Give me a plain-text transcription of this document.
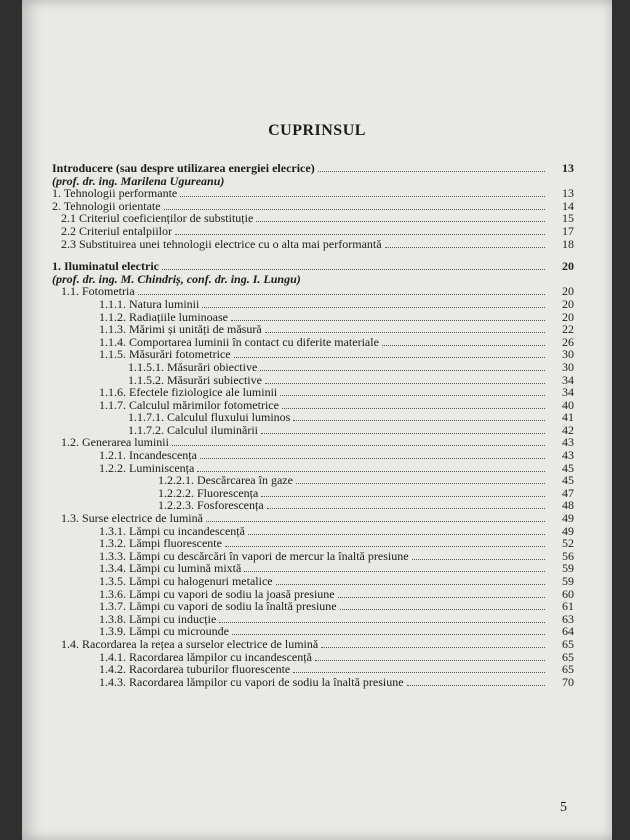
CUPRINSUL
Introducere (sau despre utilizarea energiei elecrice)	13
(prof. dr. ing. Marilena Ugureanu)
1. Tehnologii performante	13
2. Tehnologii orientate	14
2.1 Criteriul coeficienților de substituție	15
2.2 Criteriul entalpiilor	17
2.3 Substituirea unei tehnologii electrice cu o alta mai performantă	18
1. Iluminatul electric	20
(prof. dr. ing. M. Chindriș, conf. dr. ing. I. Lungu)
1.1. Fotometria	20
1.1.1. Natura luminii	20
1.1.2. Radiațiile luminoase	20
1.1.3. Mărimi și unități de măsură	22
1.1.4. Comportarea luminii în contact cu diferite materiale	26
1.1.5. Măsurări fotometrice	30
1.1.5.1. Măsurări obiective	30
1.1.5.2. Măsurări subiective	34
1.1.6. Efectele fiziologice ale luminii	34
1.1.7. Calculul mărimilor fotometrice	40
1.1.7.1. Calculul fluxului luminos	41
1.1.7.2. Calculul iluminării	42
1.2. Generarea luminii	43
1.2.1. Incandescența	43
1.2.2. Luminiscența	45
1.2.2.1. Descărcarea în gaze	45
1.2.2.2. Fluorescența	47
1.2.2.3. Fosforescența	48
1.3. Surse electrice de lumină	49
1.3.1. Lămpi cu incandescență	49
1.3.2. Lămpi fluorescente	52
1.3.3. Lămpi cu descărcări în vapori de mercur la înaltă presiune	56
1.3.4. Lămpi cu lumină mixtă	59
1.3.5. Lămpi cu halogenuri metalice	59
1.3.6. Lămpi cu vapori de sodiu la joasă presiune	60
1.3.7. Lămpi cu vapori de sodiu la înaltă presiune	61
1.3.8. Lămpi cu inducție	63
1.3.9. Lămpi cu microunde	64
1.4. Racordarea la rețea a surselor electrice de lumină	65
1.4.1. Racordarea lămpilor cu incandescență	65
1.4.2. Racordarea tuburilor fluorescente	65
1.4.3. Racordarea lămpilor cu vapori de sodiu la înaltă presiune	70
5
